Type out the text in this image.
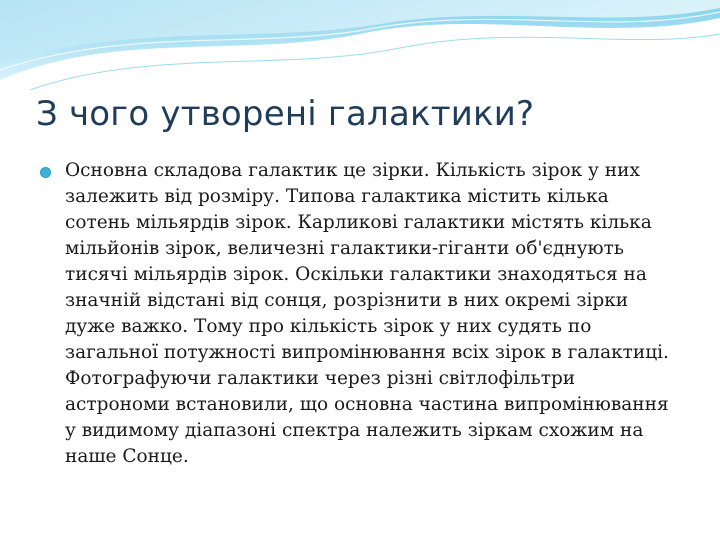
З чого утворені галактики?

Основна складова галактик це зірки. Кількість зірок у них залежить від розміру. Типова галактика містить кілька сотень мільярдів зірок. Карликові галактики містять кілька мільйонів зірок, величезні галактики-гіганти об'єднують тисячі мільярдів зірок. Оскільки галактики знаходяться на значній відстані від сонця, розрізнити в них окремі зірки дуже важко. Тому про кількість зірок у них судять по загальної потужності випромінювання всіх зірок в галактиці. Фотографуючи галактики через різні світлофільтри астрономи встановили, що основна частина випромінювання у видимому діапазоні спектра належить зіркам схожим на наше Сонце.
